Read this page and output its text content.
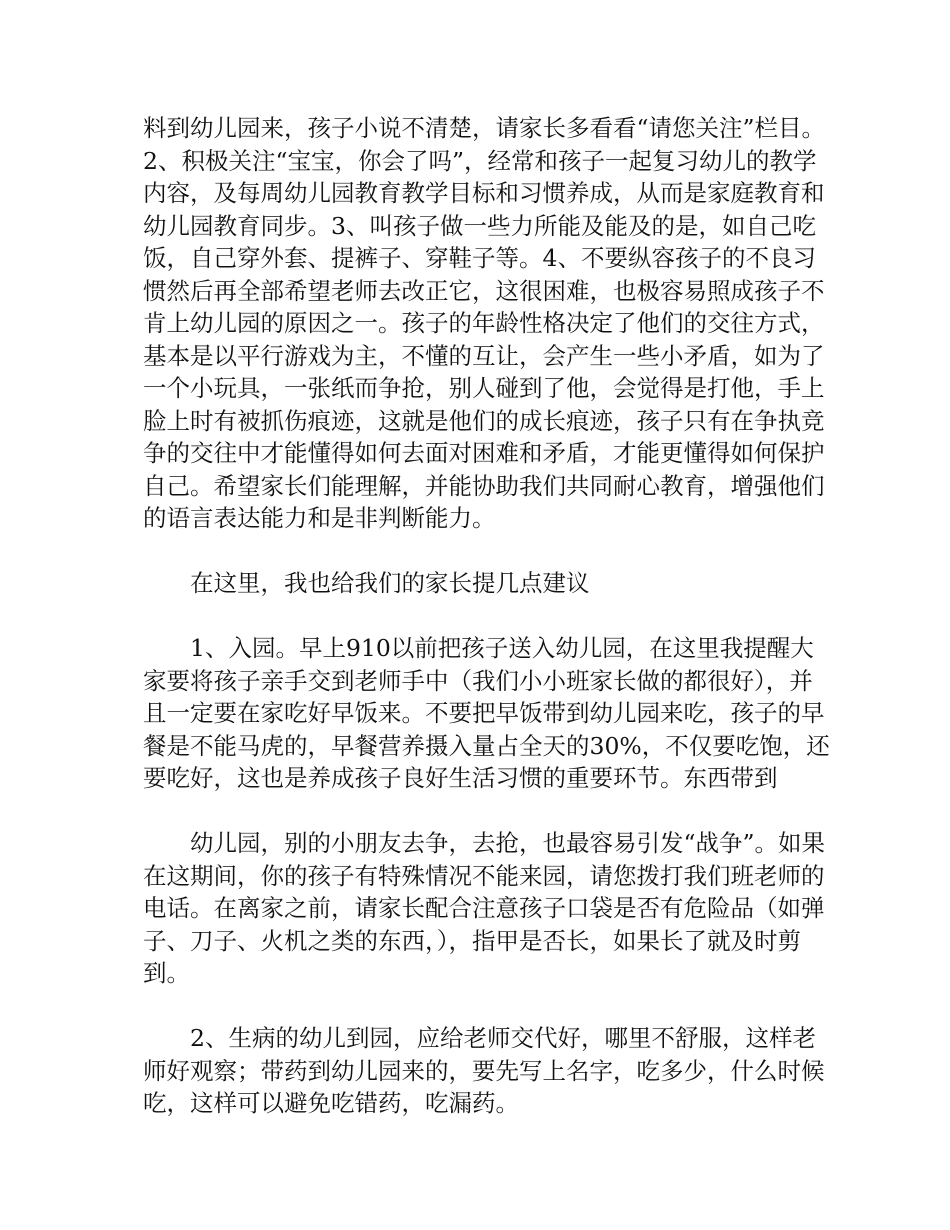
料到幼儿园来，孩子小说不清楚，请家长多看看“请您关注”栏目。2、积极关注“宝宝，你会了吗”，经常和孩子一起复习幼儿的教学内容，及每周幼儿园教育教学目标和习惯养成，从而是家庭教育和幼儿园教育同步。3、叫孩子做一些力所能及能及的是，如自己吃饭，自己穿外套、提裤子、穿鞋子等。4、不要纵容孩子的不良习惯然后再全部希望老师去改正它，这很困难，也极容易照成孩子不肯上幼儿园的原因之一。孩子的年龄性格决定了他们的交往方式，基本是以平行游戏为主，不懂的互让，会产生一些小矛盾，如为了一个小玩具，一张纸而争抢，别人碰到了他，会觉得是打他，手上脸上时有被抓伤痕迹，这就是他们的成长痕迹，孩子只有在争执竞争的交往中才能懂得如何去面对困难和矛盾，才能更懂得如何保护自己。希望家长们能理解，并能协助我们共同耐心教育，增强他们的语言表达能力和是非判断能力。

在这里，我也给我们的家长提几点建议

1、入园。早上910以前把孩子送入幼儿园，在这里我提醒大家要将孩子亲手交到老师手中（我们小小班家长做的都很好），并且一定要在家吃好早饭来。不要把早饭带到幼儿园来吃，孩子的早餐是不能马虎的，早餐营养摄入量占全天的30%，不仅要吃饱，还要吃好，这也是养成孩子良好生活习惯的重要环节。东西带到

幼儿园，别的小朋友去争，去抢，也最容易引发“战争”。如果在这期间，你的孩子有特殊情况不能来园，请您拨打我们班老师的电话。在离家之前，请家长配合注意孩子口袋是否有危险品（如弹子、刀子、火机之类的东西，），指甲是否长，如果长了就及时剪到。

2、生病的幼儿到园，应给老师交代好，哪里不舒服，这样老师好观察；带药到幼儿园来的，要先写上名字，吃多少，什么时候吃，这样可以避免吃错药，吃漏药。
